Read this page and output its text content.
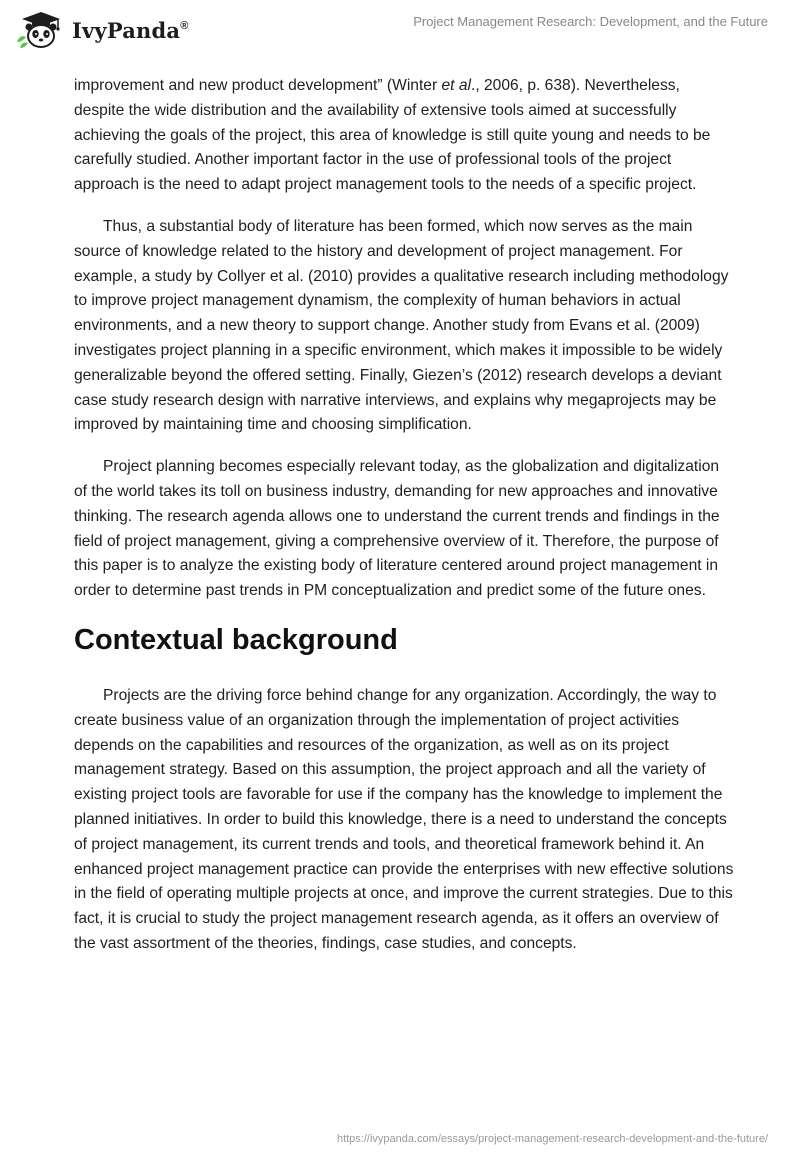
IvyPanda®	Project Management Research: Development, and the Future

improvement and new product development” (Winter et al., 2006, p. 638). Nevertheless, despite the wide distribution and the availability of extensive tools aimed at successfully achieving the goals of the project, this area of knowledge is still quite young and needs to be carefully studied. Another important factor in the use of professional tools of the project approach is the need to adapt project management tools to the needs of a specific project.

Thus, a substantial body of literature has been formed, which now serves as the main source of knowledge related to the history and development of project management. For example, a study by Collyer et al. (2010) provides a qualitative research including methodology to improve project management dynamism, the complexity of human behaviors in actual environments, and a new theory to support change. Another study from Evans et al. (2009) investigates project planning in a specific environment, which makes it impossible to be widely generalizable beyond the offered setting. Finally, Giezen’s (2012) research develops a deviant case study research design with narrative interviews, and explains why megaprojects may be improved by maintaining time and choosing simplification.

Project planning becomes especially relevant today, as the globalization and digitalization of the world takes its toll on business industry, demanding for new approaches and innovative thinking. The research agenda allows one to understand the current trends and findings in the field of project management, giving a comprehensive overview of it. Therefore, the purpose of this paper is to analyze the existing body of literature centered around project management in order to determine past trends in PM conceptualization and predict some of the future ones.

Contextual background

Projects are the driving force behind change for any organization. Accordingly, the way to create business value of an organization through the implementation of project activities depends on the capabilities and resources of the organization, as well as on its project management strategy. Based on this assumption, the project approach and all the variety of existing project tools are favorable for use if the company has the knowledge to implement the planned initiatives. In order to build this knowledge, there is a need to understand the concepts of project management, its current trends and tools, and theoretical framework behind it. An enhanced project management practice can provide the enterprises with new effective solutions in the field of operating multiple projects at once, and improve the current strategies. Due to this fact, it is crucial to study the project management research agenda, as it offers an overview of the vast assortment of the theories, findings, case studies, and concepts.

https://ivypanda.com/essays/project-management-research-development-and-the-future/
